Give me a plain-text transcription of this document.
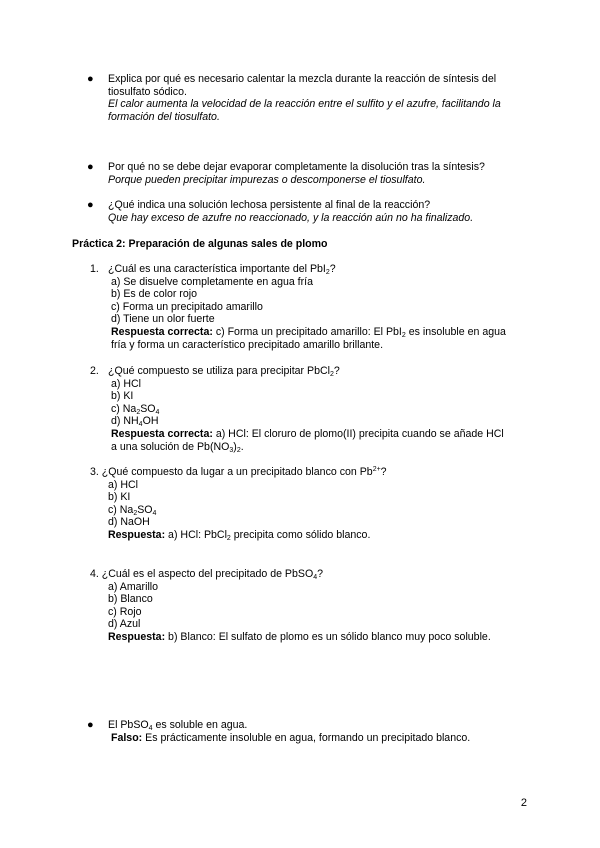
● Explica por qué es necesario calentar la mezcla durante la reacción de síntesis del
tiosulfato sódico.
El calor aumenta la velocidad de la reacción entre el sulfito y el azufre, facilitando la
formación del tiosulfato.
● Por qué no se debe dejar evaporar completamente la disolución tras la síntesis?
Porque pueden precipitar impurezas o descomponerse el tiosulfato.
● ¿Qué indica una solución lechosa persistente al final de la reacción?
Que hay exceso de azufre no reaccionado, y la reacción aún no ha finalizado.
Práctica 2: Preparación de algunas sales de plomo
1. ¿Cuál es una característica importante del PbI$_2$?
a) Se disuelve completamente en agua fría
b) Es de color rojo
c) Forma un precipitado amarillo
d) Tiene un olor fuerte
Respuesta correcta: c) Forma un precipitado amarillo: El PbI$_2$ es insoluble en agua
fría y forma un característico precipitado amarillo brillante.
2. ¿Qué compuesto se utiliza para precipitar PbCl$_2$?
a) HCl
b) KI
c) $Na_2SO_4$
d) $NH_4OH$
Respuesta correcta: a) HCl: El cloruro de plomo(II) precipita cuando se añade HCl
a una solución de $Pb(NO_3)_2$.
3. ¿Qué compuesto da lugar a un precipitado blanco con $Pb^{2+}$?
a) HCl
b) KI
c) $Na_2SO_4$
d) NaOH
Respuesta: a) HCl: PbCl$_2$ precipita como sólido blanco.
4. ¿Cuál es el aspecto del precipitado de PbSO$_4$?
a) Amarillo
b) Blanco
c) Rojo
d) Azul
Respuesta: b) Blanco: El sulfato de plomo es un sólido blanco muy poco soluble.
● El PbSO$_4$ es soluble en agua.
Falso: Es prácticamente insoluble en agua, formando un precipitado blanco.
2
